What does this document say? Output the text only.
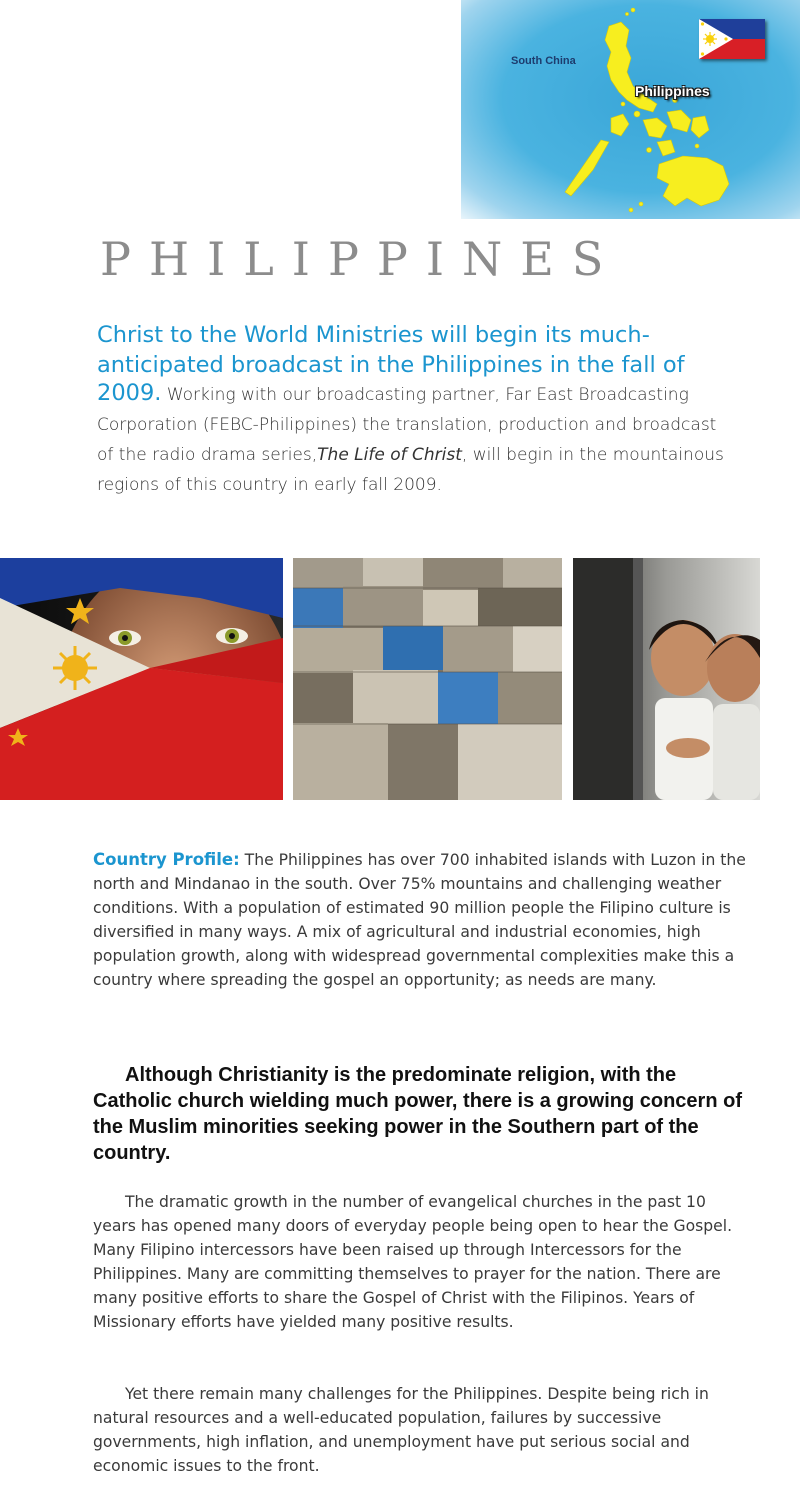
South China
Philippines
PHILIPPINES
Christ to the World Ministries will begin its much-anticipated broadcast in the Philippines in the fall of
2009. Working with our broadcasting partner, Far East Broadcasting Corporation (FEBC-Philippines) the translation, production and broadcast of the radio drama series,The Life of Christ, will begin in the mountainous regions of this country in early fall 2009.

Country Profile: The Philippines has over 700 inhabited islands with Luzon in the north and Mindanao in the south. Over 75% mountains and challenging weather conditions. With a population of estimated 90 million people the Filipino culture is diversified in many ways. A mix of agricultural and industrial economies, high population growth, along with widespread governmental complexities make this a country where spreading the gospel an opportunity; as needs are many.

Although Christianity is the predominate religion, with the Catholic church wielding much power, there is a growing concern of the Muslim minorities seeking power in the Southern part of the country.

The dramatic growth in the number of evangelical churches in the past 10 years has opened many doors of everyday people being open to hear the Gospel. Many Filipino intercessors have been raised up through Intercessors for the Philippines. Many are committing themselves to prayer for the nation. There are many positive efforts to share the Gospel of Christ with the Filipinos. Years of Missionary efforts have yielded many positive results.

Yet there remain many challenges for the Philippines. Despite being rich in natural resources and a well-educated population, failures by successive governments, high inflation, and unemployment have put serious social and economic issues to the front.
